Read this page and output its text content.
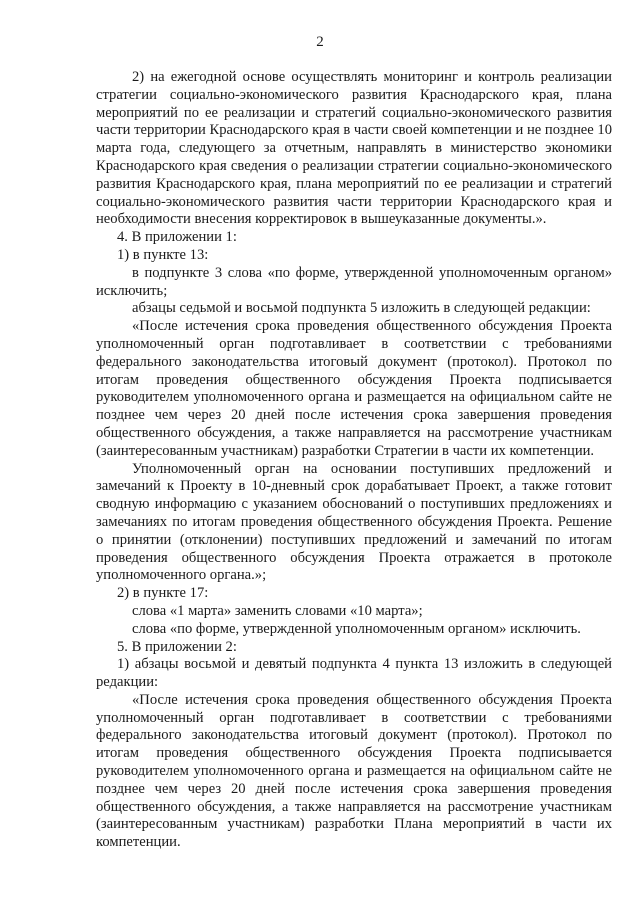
2

2) на ежегодной основе осуществлять мониторинг и контроль реализации стратегии социально-экономического развития Краснодарского края, плана мероприятий по ее реализации и стратегий социально-экономического развития части территории Краснодарского края в части своей компетенции и не позднее 10 марта года, следующего за отчетным, направлять в министерство экономики Краснодарского края сведения о реализации стратегии социально-экономического развития Краснодарского края, плана мероприятий по ее реализации и стратегий социально-экономического развития части территории Краснодарского края и необходимости внесения корректировок в вышеуказанные документы.».

4. В приложении 1:

1) в пункте 13:

в подпункте 3 слова «по форме, утвержденной уполномоченным органом» исключить;

абзацы седьмой и восьмой подпункта 5 изложить в следующей редакции:

«После истечения срока проведения общественного обсуждения Проекта уполномоченный орган подготавливает в соответствии с требованиями федерального законодательства итоговый документ (протокол). Протокол по итогам проведения общественного обсуждения Проекта подписывается руководителем уполномоченного органа и размещается на официальном сайте не позднее чем через 20 дней после истечения срока завершения проведения общественного обсуждения, а также направляется на рассмотрение участникам (заинтересованным участникам) разработки Стратегии в части их компетенции.

Уполномоченный орган на основании поступивших предложений и замечаний к Проекту в 10-дневный срок дорабатывает Проект, а также готовит сводную информацию с указанием обоснований о поступивших предложениях и замечаниях по итогам проведения общественного обсуждения Проекта. Решение о принятии (отклонении) поступивших предложений и замечаний по итогам проведения общественного обсуждения Проекта отражается в протоколе уполномоченного органа.»;

2) в пункте 17:

слова «1 марта» заменить словами «10 марта»;

слова «по форме, утвержденной уполномоченным органом» исключить.

5. В приложении 2:

1) абзацы восьмой и девятый подпункта 4 пункта 13 изложить в следующей редакции:

«После истечения срока проведения общественного обсуждения Проекта уполномоченный орган подготавливает в соответствии с требованиями федерального законодательства итоговый документ (протокол). Протокол по итогам проведения общественного обсуждения Проекта подписывается руководителем уполномоченного органа и размещается на официальном сайте не позднее чем через 20 дней после истечения срока завершения проведения общественного обсуждения, а также направляется на рассмотрение участникам (заинтересованным участникам) разработки Плана мероприятий в части их компетенции.
